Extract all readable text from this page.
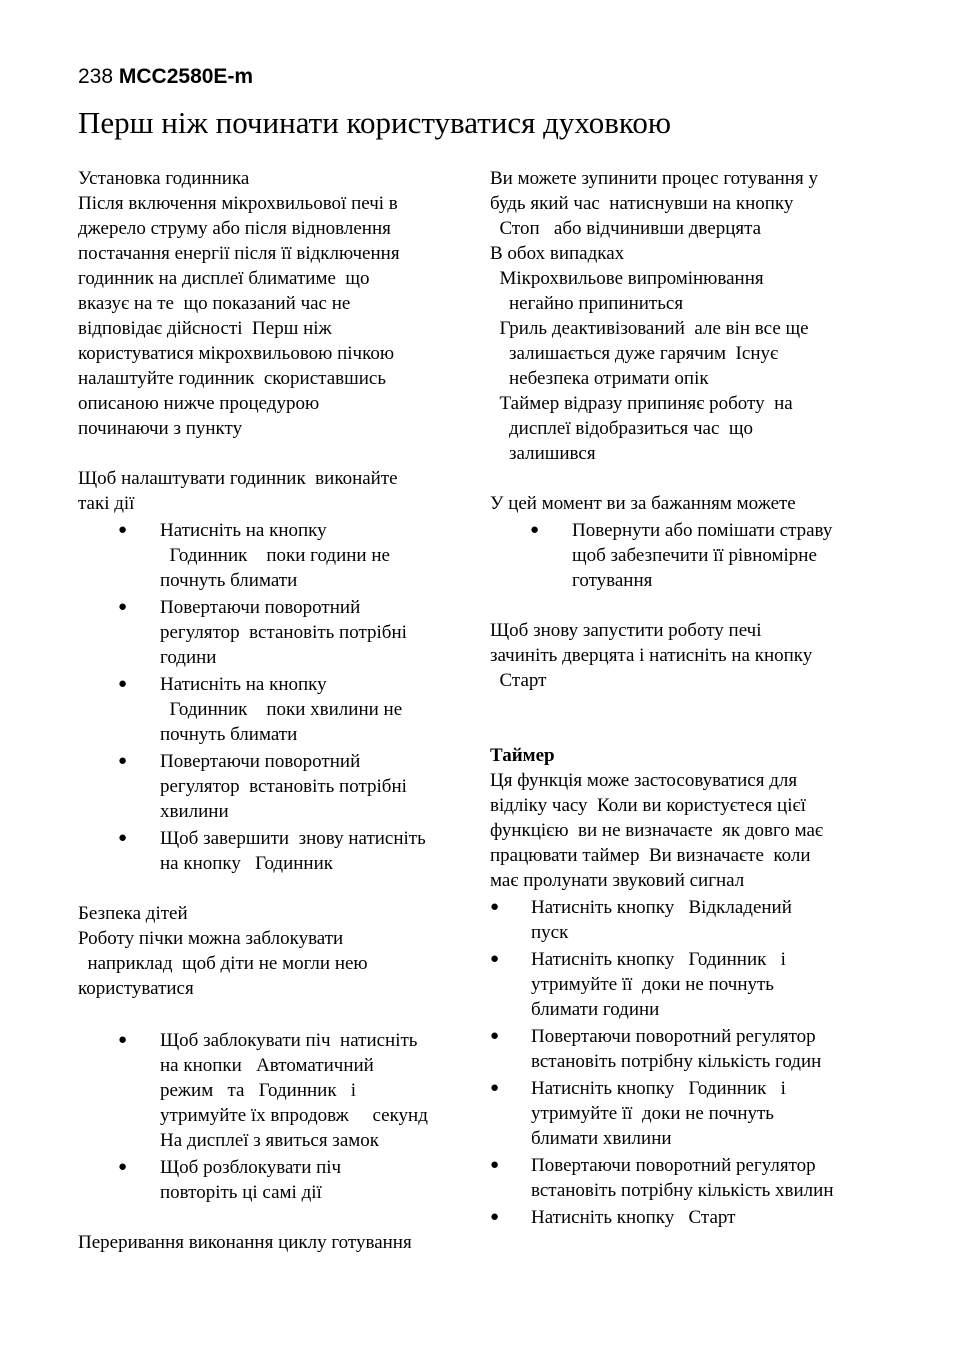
238 MCC2580E-m
Перш ніж починати користуватися духовкою
Установка годинника
Після включення мікрохвильової печі в
джерело струму або після відновлення
постачання енергії після її відключення
годинник на дисплеї блиматиме  що
вказує на те  що показаний час не
відповідає дійсності  Перш ніж
користуватися мікрохвильовою пічкою
налаштуйте годинник  скориставшись
описаною нижче процедурою
починаючи з пункту
Щоб налаштувати годинник  виконайте
такі дії
● Натисніть на кнопку
Годинник    поки години не
почнуть блимати
● Повертаючи поворотний
регулятор  встановіть потрібні
години
● Натисніть на кнопку
Годинник    поки хвилини не
почнуть блимати
● Повертаючи поворотний
регулятор  встановіть потрібні
хвилини
● Щоб завершити  знову натисніть
на кнопку   Годинник
Безпека дітей
Роботу пічки можна заблокувати
наприклад  щоб діти не могли нею
користуватися
● Щоб заблокувати піч  натисніть
на кнопки   Автоматичний
режим   та   Годинник   і
утримуйте їх впродовж     секунд
На дисплеї з явиться замок
● Щоб розблокувати піч
повторіть ці самі дії
Переривання виконання циклу готування
Ви можете зупинити процес готування у
будь який час  натиснувши на кнопку
Стоп   або відчинивши дверцята
В обох випадках
Мікрохвильове випромінювання
негайно припиниться
Гриль деактивізований  але він все ще
залишається дуже гарячим  Існує
небезпека отримати опік
Таймер відразу припиняє роботу  на
дисплеї відобразиться час  що
залишився
У цей момент ви за бажанням можете
● Повернути або помішати страву
щоб забезпечити її рівномірне
готування
Щоб знову запустити роботу печі
зачиніть дверцята і натисніть на кнопку
Старт
Таймер
Ця функція може застосовуватися для
відліку часу  Коли ви користуєтеся цієї
функцією  ви не визначаєте  як довго має
працювати таймер  Ви визначаєте  коли
має пролунати звуковий сигнал
● Натисніть кнопку   Відкладений
пуск
● Натисніть кнопку   Годинник   і
утримуйте її  доки не почнуть
блимати години
● Повертаючи поворотний регулятор
встановіть потрібну кількість годин
● Натисніть кнопку   Годинник   і
утримуйте її  доки не почнуть
блимати хвилини
● Повертаючи поворотний регулятор
встановіть потрібну кількість хвилин
● Натисніть кнопку   Старт
